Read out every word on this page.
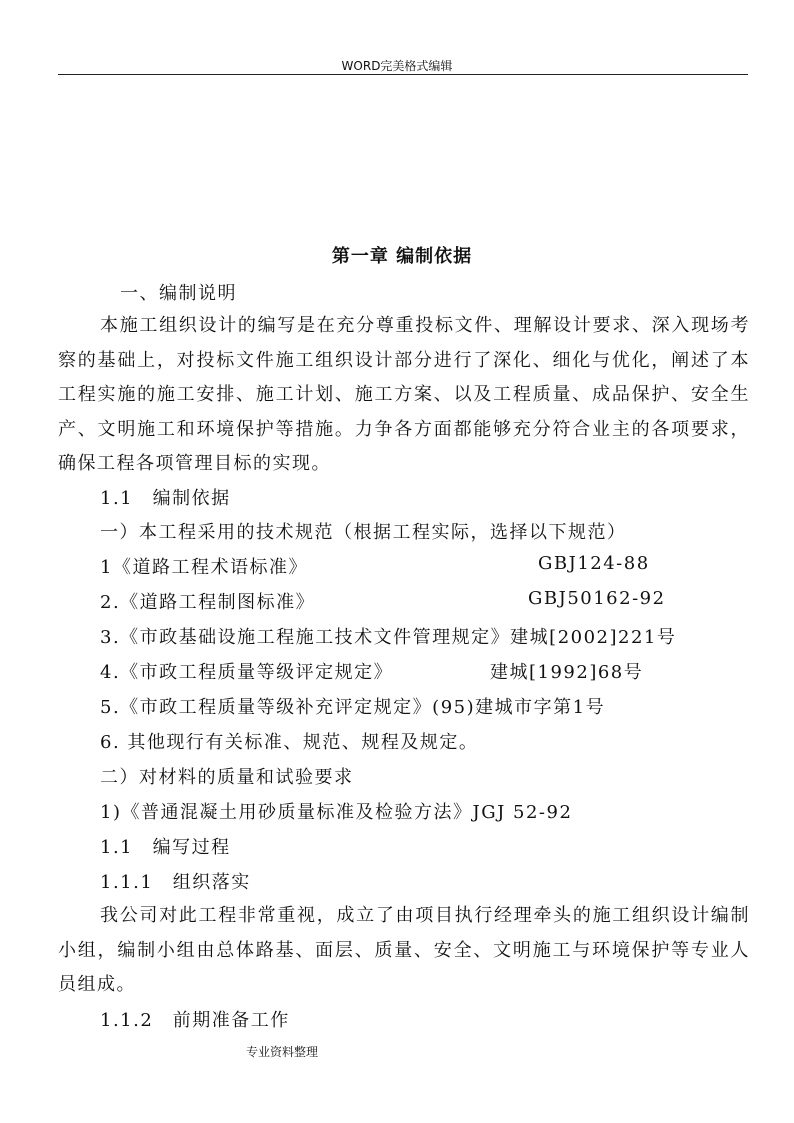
WORD完美格式编辑
第一章 编制依据
一、编制说明
本施工组织设计的编写是在充分尊重投标文件、理解设计要求、深入现场考察的基础上，对投标文件施工组织设计部分进行了深化、细化与优化，阐述了本工程实施的施工安排、施工计划、施工方案、以及工程质量、成品保护、安全生产、文明施工和环境保护等措施。力争各方面都能够充分符合业主的各项要求，确保工程各项管理目标的实现。
1.1　编制依据
一）本工程采用的技术规范（根据工程实际，选择以下规范）
1《道路工程术语标准》	GBJ124-88
2.《道路工程制图标准》	GBJ50162-92
3.《市政基础设施工程施工技术文件管理规定》建城[2002]221号
4.《市政工程质量等级评定规定》	建城[1992]68号
5.《市政工程质量等级补充评定规定》(95)建城市字第1号
6. 其他现行有关标准、规范、规程及规定。
二）对材料的质量和试验要求
1)《普通混凝土用砂质量标准及检验方法》JGJ 52-92
1.1　编写过程
1.1.1　组织落实
我公司对此工程非常重视，成立了由项目执行经理牵头的施工组织设计编制小组，编制小组由总体路基、面层、质量、安全、文明施工与环境保护等专业人员组成。
1.1.2　前期准备工作
专业资料整理
